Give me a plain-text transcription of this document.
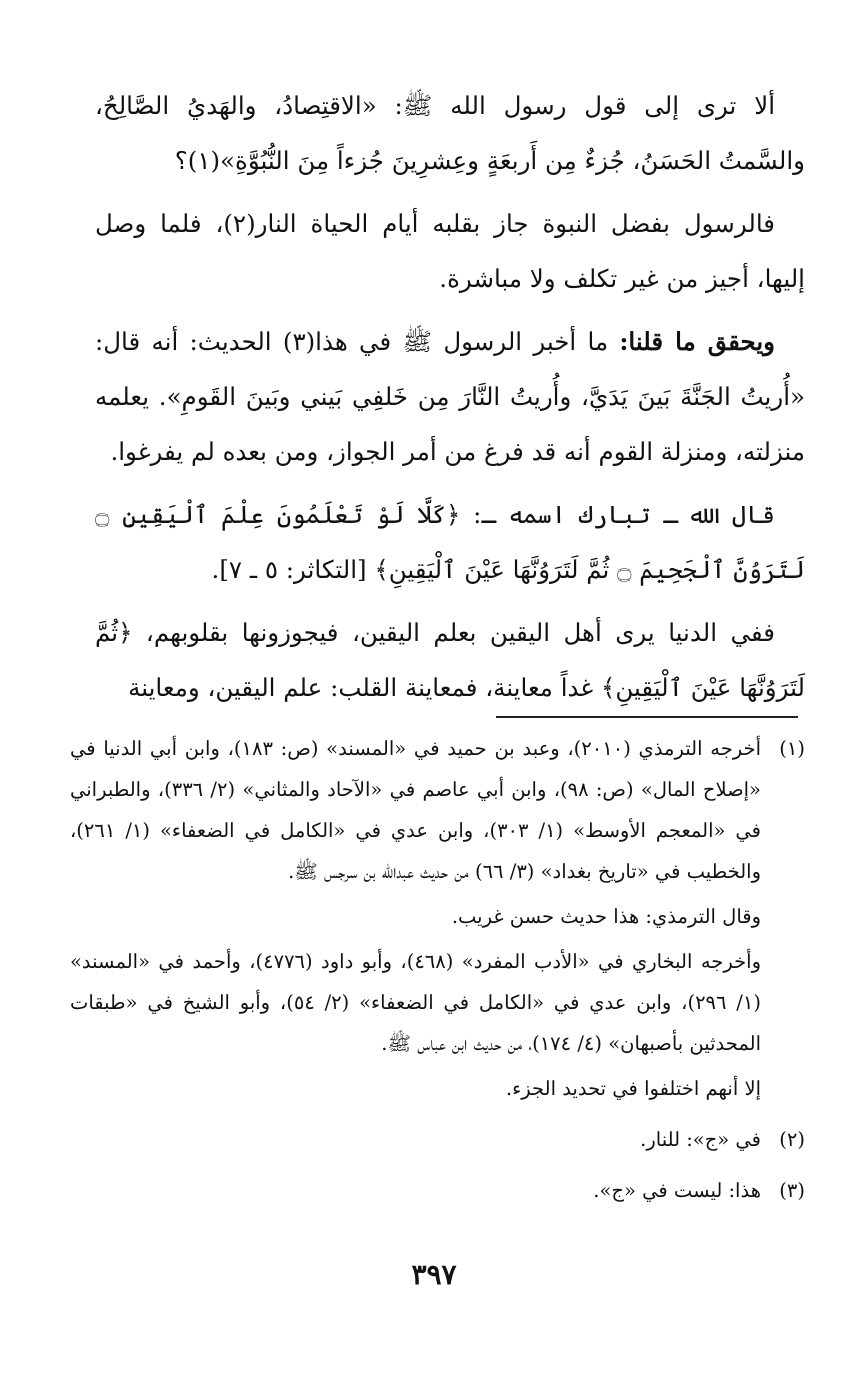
ألا ترى إلى قول رسول الله ﷺ: «الاقتِصادُ، والهَديُ الصَّالِحُ، والسَّمتُ الحَسَنُ، جُزءٌ مِن أَربعَةٍ وعِشرِينَ جُزءاً مِنَ النُّبُوَّةِ»(١)؟

فالرسول بفضل النبوة جاز بقلبه أيام الحياة النار(٢)، فلما وصل إليها، أجيز من غير تكلف ولا مباشرة.

ويحقق ما قلنا: ما أخبر الرسول ﷺ في هذا(٣) الحديث: أنه قال: «أُريتُ الجَنَّةَ بَينَ يَدَيَّ، وأُريتُ النَّارَ مِن خَلفِي بَيني وبَينَ القَومِ». يعلمه منزلته، ومنزلة القوم أنه قد فرغ من أمر الجواز، ومن بعده لم يفرغوا.

قال الله ـ تبارك اسمه ـ: ﴿كَلَّا لَوْ تَعْلَمُونَ عِلْمَ ٱلْيَقِينِ ۝ لَتَرَوُنَّ ٱلْجَحِيمَ ۝ ثُمَّ لَتَرَوُنَّهَا عَيْنَ ٱلْيَقِينِ﴾ [التكاثر: ٥ ـ ٧].

ففي الدنيا يرى أهل اليقين بعلم اليقين، فيجوزونها بقلوبهم، ﴿ثُمَّ لَتَرَوُنَّهَا عَيْنَ ٱلْيَقِينِ﴾ غداً معاينة، فمعاينة القلب: علم اليقين، ومعاينة

(١)

أخرجه الترمذي (٢٠١٠)، وعبد بن حميد في «المسند» (ص: ١٨٣)، وابن أبي الدنيا في «إصلاح المال» (ص: ٩٨)، وابن أبي عاصم في «الآحاد والمثاني» (٢/ ٣٣٦)، والطبراني في «المعجم الأوسط» (١/ ٣٠٣)، وابن عدي في «الكامل في الضعفاء» (١/ ٢٦١)، والخطيب في «تاريخ بغداد» (٣/ ٦٦) من حديث عبدالله بن سرجس ﷺ.

وقال الترمذي: هذا حديث حسن غريب.

وأخرجه البخاري في «الأدب المفرد» (٤٦٨)، وأبو داود (٤٧٧٦)، وأحمد في «المسند» (١/ ٢٩٦)، وابن عدي في «الكامل في الضعفاء» (٢/ ٥٤)، وأبو الشيخ في «طبقات المحدثين بأصبهان» (٤/ ١٧٤)، من حديث ابن عباس ﷺ.

إلا أنهم اختلفوا في تحديد الجزء.

(٢)

في «ج»: للنار.

(٣)

هذا: ليست في «ج».

٣٩٧
